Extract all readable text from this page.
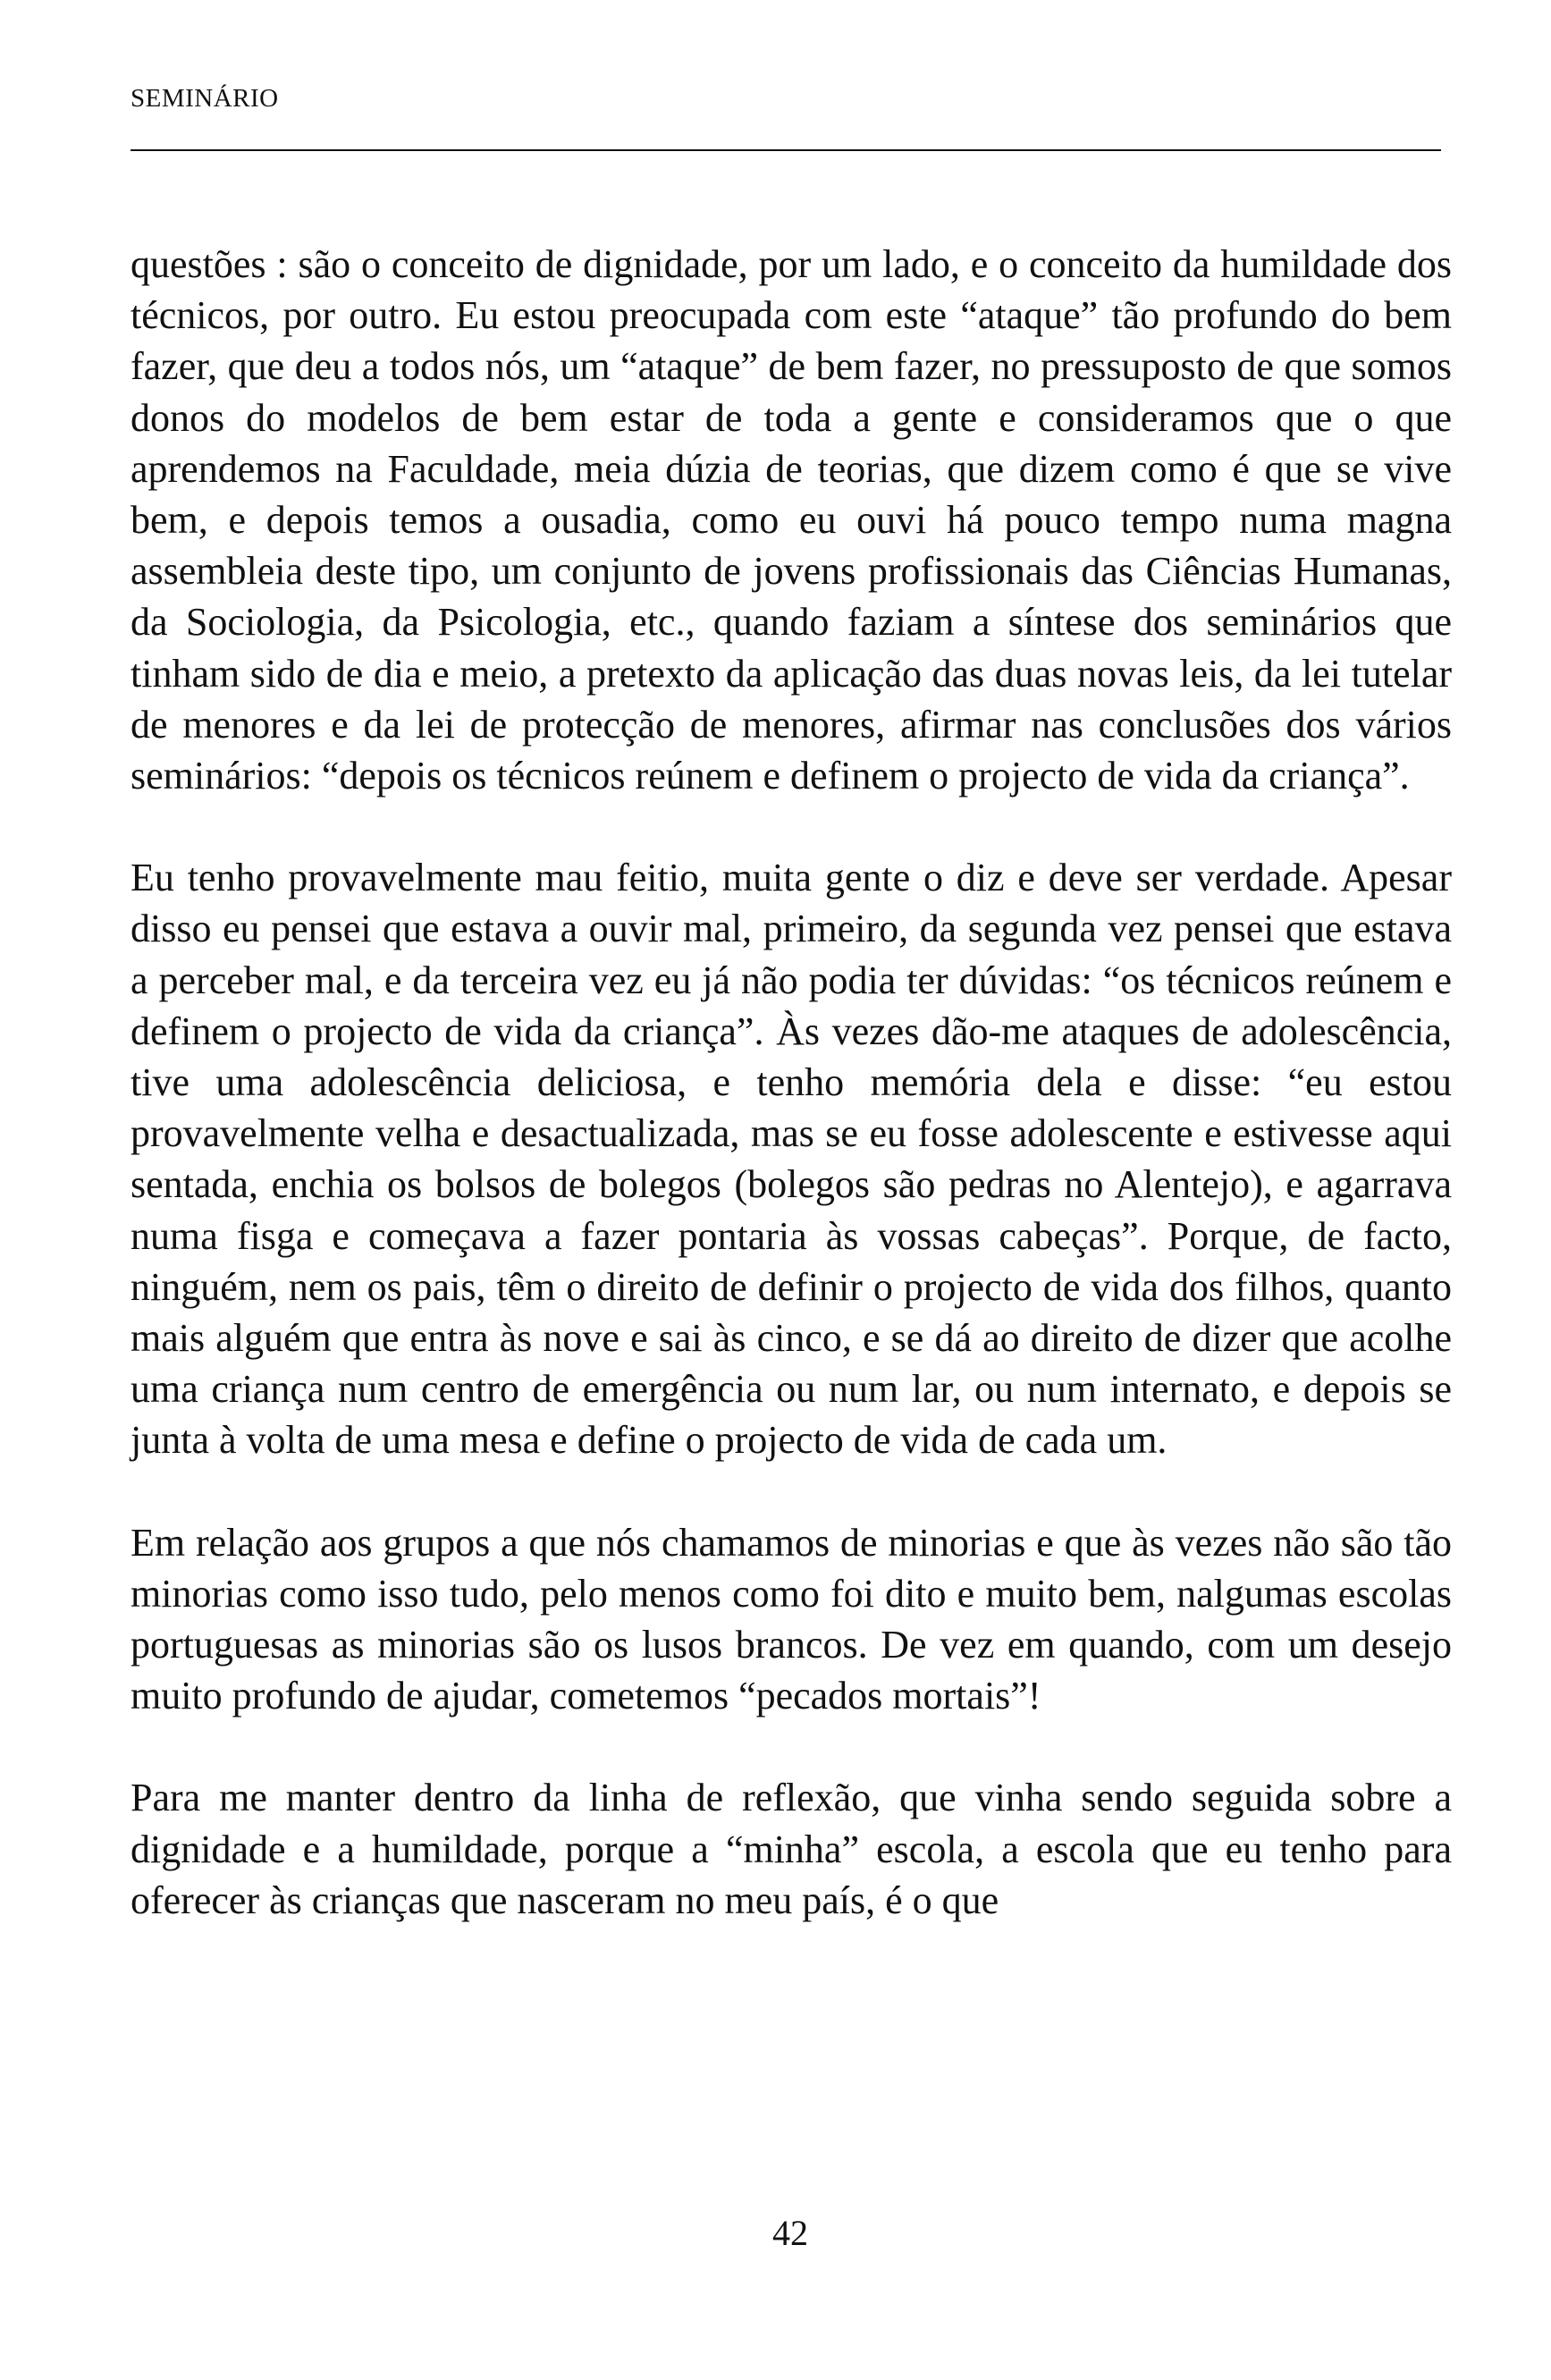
SEMINÁRIO

questões : são o conceito de dignidade, por um lado, e o conceito da humildade dos técnicos, por outro. Eu estou preocupada com este “ataque” tão profundo do bem fazer, que deu a todos nós, um “ataque” de bem fazer, no pressuposto de que somos donos do modelos de bem estar de toda a gente e consideramos que o que aprendemos na Faculdade, meia dúzia de teorias, que dizem como é que se vive bem, e depois temos a ousadia, como eu ouvi há pouco tempo numa magna assembleia deste tipo, um conjunto de jovens profissionais das Ciências Humanas, da Sociologia, da Psicologia, etc., quando faziam a síntese dos seminários que tinham sido de dia e meio, a pretexto da aplicação das duas novas leis, da lei tutelar de menores e da lei de protecção de menores, afirmar nas conclusões dos vários seminários: “depois os técnicos reúnem e definem o projecto de vida da criança”.

Eu tenho provavelmente mau feitio, muita gente o diz e deve ser verdade. Apesar disso eu pensei que estava a ouvir mal, primeiro, da segunda vez pensei que estava a perceber mal, e da terceira vez eu já não podia ter dúvidas: “os técnicos reúnem e definem o projecto de vida da criança”. Às vezes dão-me ataques de adolescência, tive uma adolescência deliciosa, e tenho memória dela e disse: “eu estou provavelmente velha e desactualizada, mas se eu fosse adolescente e estivesse aqui sentada, enchia os bolsos de bolegos (bolegos são pedras no Alentejo), e agarrava numa fisga e começava a fazer pontaria às vossas cabeças”. Porque, de facto, ninguém, nem os pais, têm o direito de definir o projecto de vida dos filhos, quanto mais alguém que entra às nove e sai às cinco, e se dá ao direito de dizer que acolhe uma criança num centro de emergência ou num lar, ou num internato, e depois se junta à volta de uma mesa e define o projecto de vida de cada um.

Em relação aos grupos a que nós chamamos de minorias e que às vezes não são tão minorias como isso tudo, pelo menos como foi dito e muito bem, nalgumas escolas portuguesas as minorias são os lusos brancos. De vez em quando, com um desejo muito profundo de ajudar, cometemos “pecados mortais”!

Para me manter dentro da linha de reflexão, que vinha sendo seguida sobre a dignidade e a humildade, porque a “minha” escola, a escola que eu tenho para oferecer às crianças que nasceram no meu país, é o que

42
